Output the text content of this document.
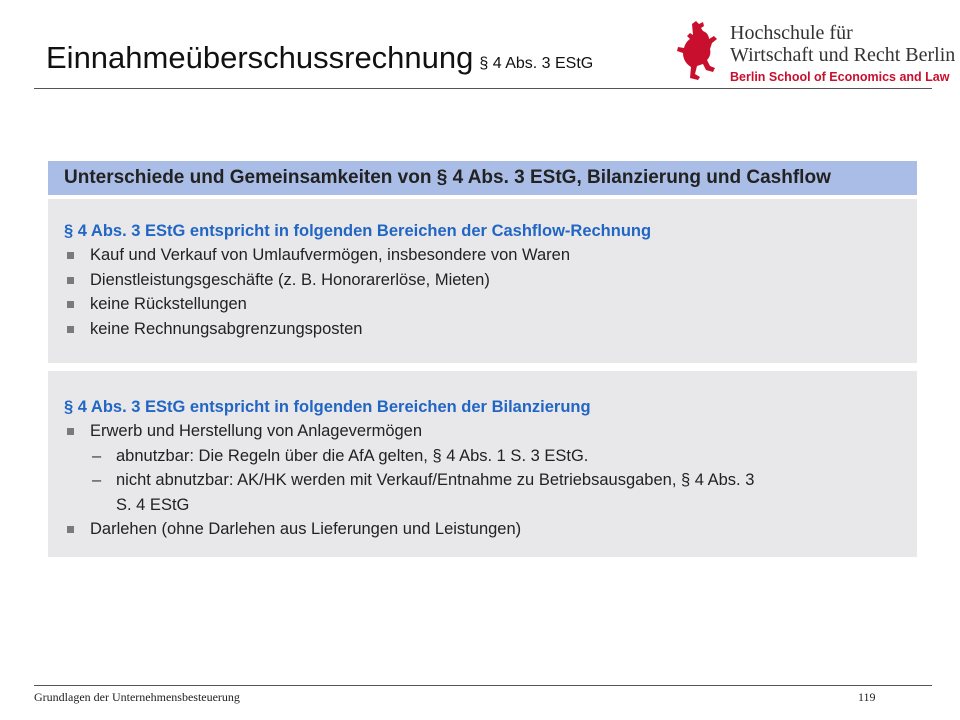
Einnahmeüberschussrechnung § 4 Abs. 3 EStG
Hochschule für
Wirtschaft und Recht Berlin
Berlin School of Economics and Law
Unterschiede und Gemeinsamkeiten von § 4 Abs. 3 EStG, Bilanzierung und Cashflow
§ 4 Abs. 3 EStG entspricht in folgenden Bereichen der Cashflow-Rechnung
Kauf und Verkauf von Umlaufvermögen, insbesondere von Waren
Dienstleistungsgeschäfte (z. B. Honorarerlöse, Mieten)
keine Rückstellungen
keine Rechnungsabgrenzungsposten
§ 4 Abs. 3 EStG entspricht in folgenden Bereichen der Bilanzierung
Erwerb und Herstellung von Anlagevermögen
– abnutzbar: Die Regeln über die AfA gelten, § 4 Abs. 1 S. 3 EStG.
– nicht abnutzbar: AK/HK werden mit Verkauf/Entnahme zu Betriebsausgaben, § 4 Abs. 3
S. 4 EStG
Darlehen (ohne Darlehen aus Lieferungen und Leistungen)
Grundlagen der Unternehmensbesteuerung	119
